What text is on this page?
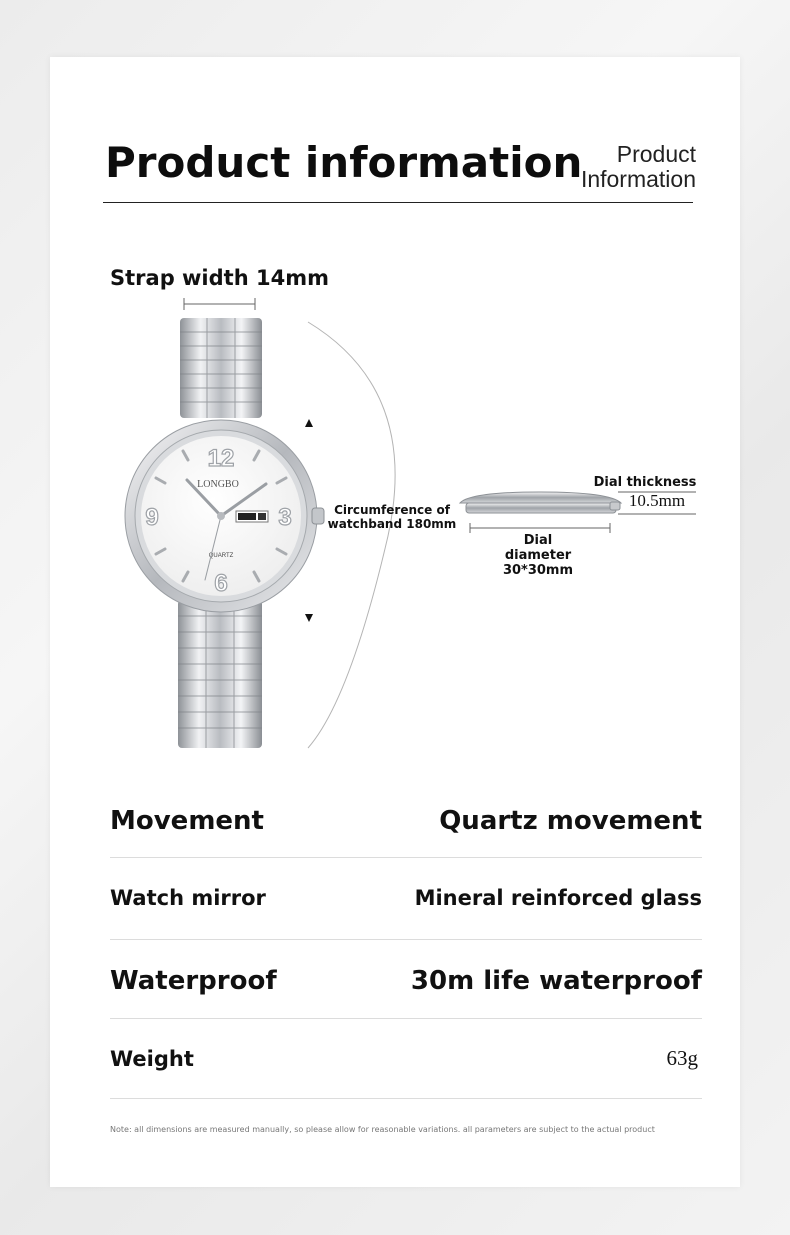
Product information	Product
Information
Strap width 14mm
12
9	3
6
LONGBO
QUARTZ
Circumference of
watchband 180mm
Dial thickness
10.5mm
Dial
diameter
30*30mm
Movement	Quartz movement
Watch mirror	Mineral reinforced glass
Waterproof	30m life waterproof
Weight	63g
Note: all dimensions are measured manually, so please allow for reasonable variations. all parameters are subject to the actual product
